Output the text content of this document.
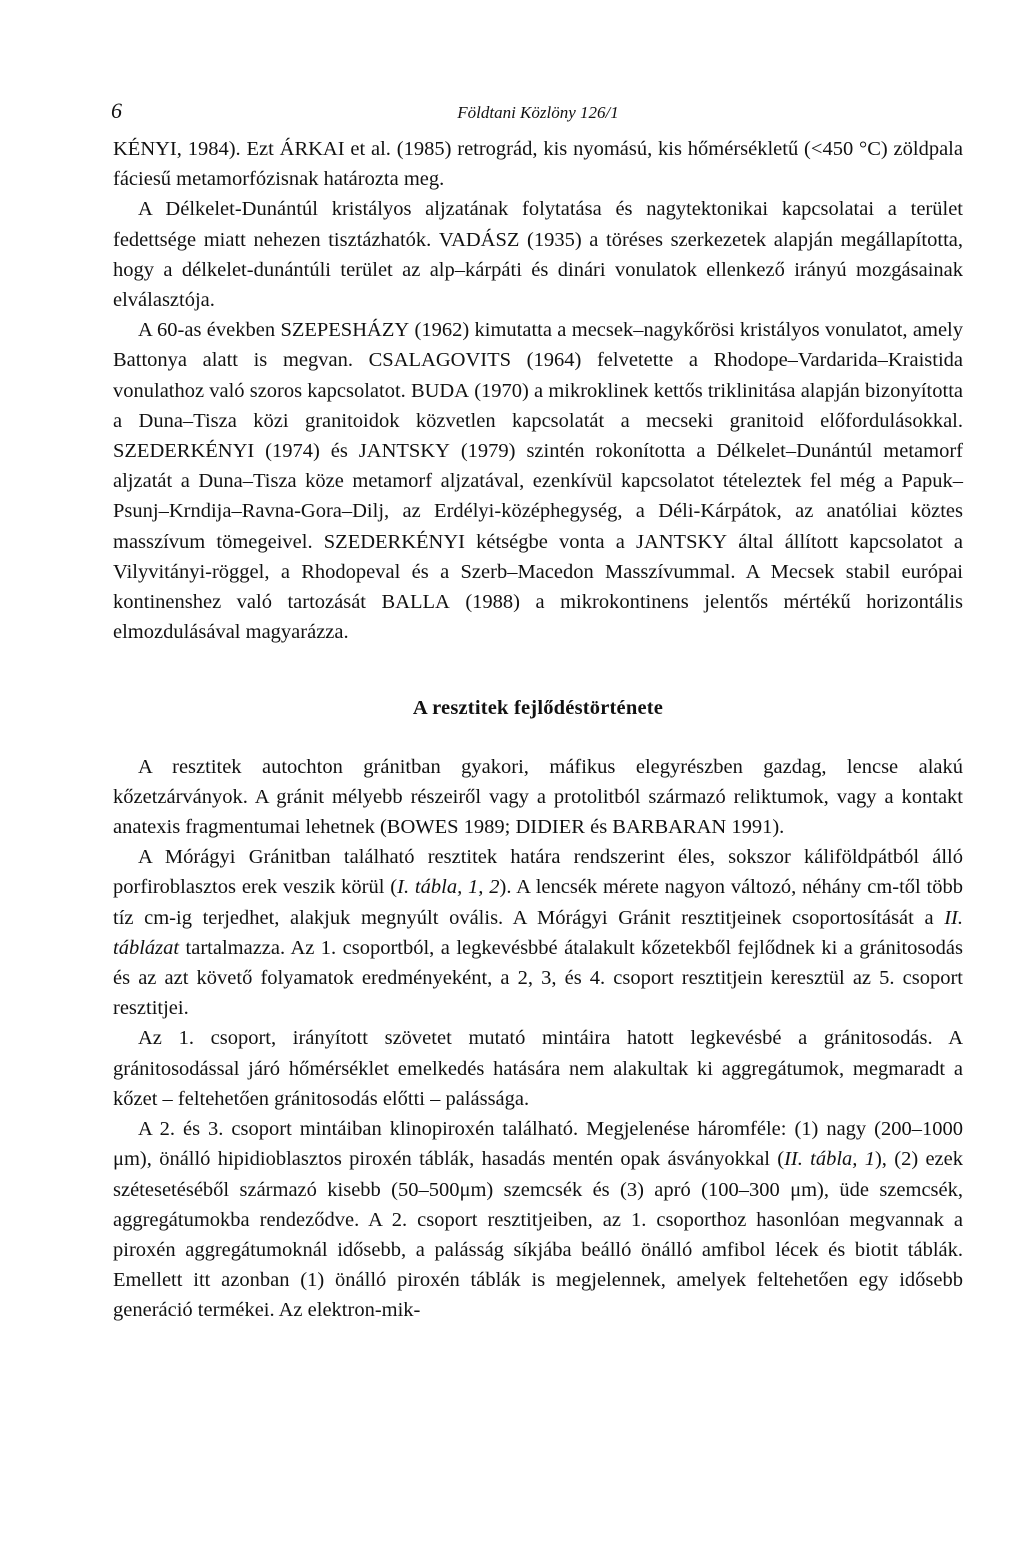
6	Földtani Közlöny 126/1

KÉNYI, 1984). Ezt ÁRKAI et al. (1985) retrográd, kis nyomású, kis hőmérsékletű (<450 °C) zöldpala fáciesű metamorfózisnak határozta meg.

A Délkelet-Dunántúl kristályos aljzatának folytatása és nagytektonikai kapcsolatai a terület fedettsége miatt nehezen tisztázhatók. VADÁSZ (1935) a töréses szerkezetek alapján megállapította, hogy a délkelet-dunántúli terület az alp–kárpáti és dinári vonulatok ellenkező irányú mozgásainak elválasztója.

A 60-as években SZEPESHÁZY (1962) kimutatta a mecsek–nagykőrösi kristályos vonulatot, amely Battonya alatt is megvan. CSALAGOVITS (1964) felvetette a Rhodope–Vardarida–Kraistida vonulathoz való szoros kapcsolatot. BUDA (1970) a mikroklinek kettős triklinitása alapján bizonyította a Duna–Tisza közi granitoidok közvetlen kapcsolatát a mecseki granitoid előfordulásokkal. SZEDERKÉNYI (1974) és JANTSKY (1979) szintén rokonította a Délkelet–Dunántúl metamorf aljzatát a Duna–Tisza köze metamorf aljzatával, ezenkívül kapcsolatot tételeztek fel még a Papuk–Psunj–Krndija–Ravna-Gora–Dilj, az Erdélyi-középhegység, a Déli-Kárpátok, az anatóliai köztes masszívum tömegeivel. SZEDERKÉNYI kétségbe vonta a JANTSKY által állított kapcsolatot a Vilyvitányi-röggel, a Rhodopeval és a Szerb–Macedon Masszívummal. A Mecsek stabil európai kontinenshez való tartozását BALLA (1988) a mikrokontinens jelentős mértékű horizontális elmozdulásával magyarázza.

A resztitek fejlődéstörténete

A resztitek autochton gránitban gyakori, máfikus elegyrészben gazdag, lencse alakú kőzetzárványok. A gránit mélyebb részeiről vagy a protolitból származó reliktumok, vagy a kontakt anatexis fragmentumai lehetnek (BOWES 1989; DIDIER és BARBARAN 1991).

A Mórágyi Gránitban található resztitek határa rendszerint éles, sokszor káliföldpátból álló porfiroblasztos erek veszik körül (I. tábla, 1, 2). A lencsék mérete nagyon változó, néhány cm-től több tíz cm-ig terjedhet, alakjuk megnyúlt ovális. A Mórágyi Gránit resztitjeinek csoportosítását a II. táblázat tartalmazza. Az 1. csoportból, a legkevésbbé átalakult kőzetekből fejlődnek ki a gránitosodás és az azt követő folyamatok eredményeként, a 2, 3, és 4. csoport resztitjein keresztül az 5. csoport resztitjei.

Az 1. csoport, irányított szövetet mutató mintáira hatott legkevésbé a gránitosodás. A gránitosodással járó hőmérséklet emelkedés hatására nem alakultak ki aggregátumok, megmaradt a kőzet – feltehetően gránitosodás előtti – palássága.

A 2. és 3. csoport mintáiban klinopiroxén található. Megjelenése háromféle: (1) nagy (200–1000 μm), önálló hipidioblasztos piroxén táblák, hasadás mentén opak ásványokkal (II. tábla, 1), (2) ezek szétesetéséből származó kisebb (50–500μm) szemcsék és (3) apró (100–300 μm), üde szemcsék, aggregátumokba rendeződve. A 2. csoport resztitjeiben, az 1. csoporthoz hasonlóan megvannak a piroxén aggregátumoknál idősebb, a palásság síkjába beálló önálló amfibol lécek és biotit táblák. Emellett itt azonban (1) önálló piroxén táblák is megjelennek, amelyek feltehetően egy idősebb generáció termékei. Az elektron-mik-
